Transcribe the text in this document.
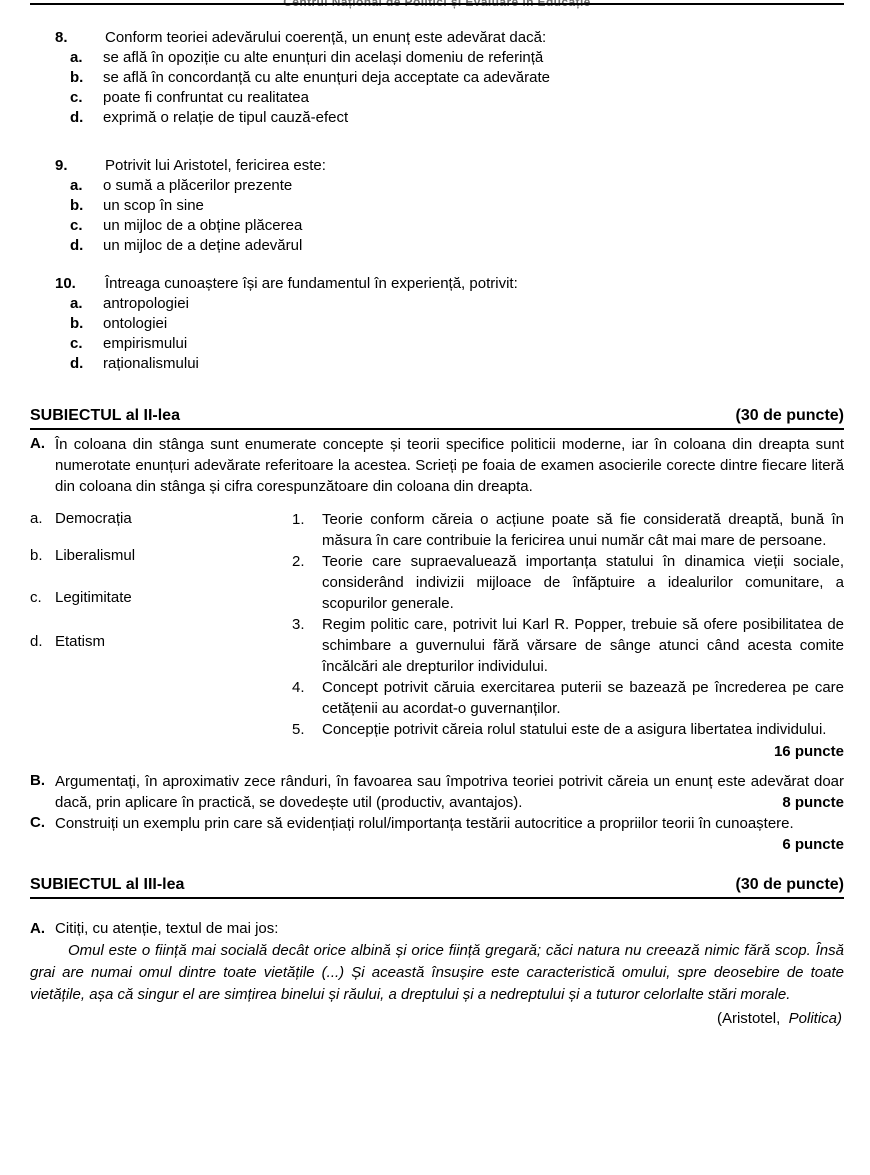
8.	Conform teoriei adevărului coerență, un enunț este adevărat dacă:
a.	se află în opoziție cu alte enunțuri din același domeniu de referință
b.	se află în concordanță cu alte enunțuri deja acceptate ca adevărate
c.	poate fi confruntat cu realitatea
d.	exprimă o relație de tipul cauză-efect
9.	Potrivit lui Aristotel, fericirea este:
a.	o sumă a plăcerilor prezente
b.	un scop în sine
c.	un mijloc de a obține plăcerea
d.	un mijloc de a deține adevărul
10.	Întreaga cunoaștere își are fundamentul în experiență, potrivit:
a.	antropologiei
b.	ontologiei
c.	empirismului
d.	raționalismului
SUBIECTUL al II-lea	(30 de puncte)
A. În coloana din stânga sunt enumerate concepte și teorii specifice politicii moderne, iar în coloana din dreapta sunt numerotate enunțuri adevărate referitoare la acestea. Scrieți pe foaia de examen asocierile corecte dintre fiecare literă din coloana din stânga și cifra corespunzătoare din coloana din dreapta.
a. Democrația
b. Liberalismul
c. Legitimitate
d. Etatism
1.	Teorie conform căreia o acțiune poate să fie considerată dreaptă, bună în măsura în care contribuie la fericirea unui număr cât mai mare de persoane.
2.	Teorie care supraevaluează importanța statului în dinamica vieții sociale, considerând indivizii mijloace de înfăptuire a idealurilor comunitare, a scopurilor generale.
3.	Regim politic care, potrivit lui Karl R. Popper, trebuie să ofere posibilitatea de schimbare a guvernului fără vărsare de sânge atunci când acesta comite încălcări ale drepturilor individului.
4.	Concept potrivit căruia exercitarea puterii se bazează pe încrederea pe care cetățenii au acordat-o guvernanților.
5.	Concepție potrivit căreia rolul statului este de a asigura libertatea individului.
16 puncte
B. Argumentați, în aproximativ zece rânduri, în favoarea sau împotriva teoriei potrivit căreia un enunț este adevărat doar dacă, prin aplicare în practică, se dovedește util (productiv, avantajos).	8 puncte
C. Construiți un exemplu prin care să evidențiați rolul/importanța testării autocritice a propriilor teorii în cunoaștere.
6 puncte
SUBIECTUL al III-lea	(30 de puncte)
A. Citiți, cu atenție, textul de mai jos:
Omul este o ființă mai socială decât orice albină și orice ființă gregară; căci natura nu creează nimic fără scop. Însă grai are numai omul dintre toate vietățile (...) Și această însușire este caracteristică omului, spre deosebire de toate vietățile, așa că singur el are simțirea binelui și răului, a dreptului și a nedreptului și a tuturor celorlalte stări morale.
(Aristotel,  Politica)
